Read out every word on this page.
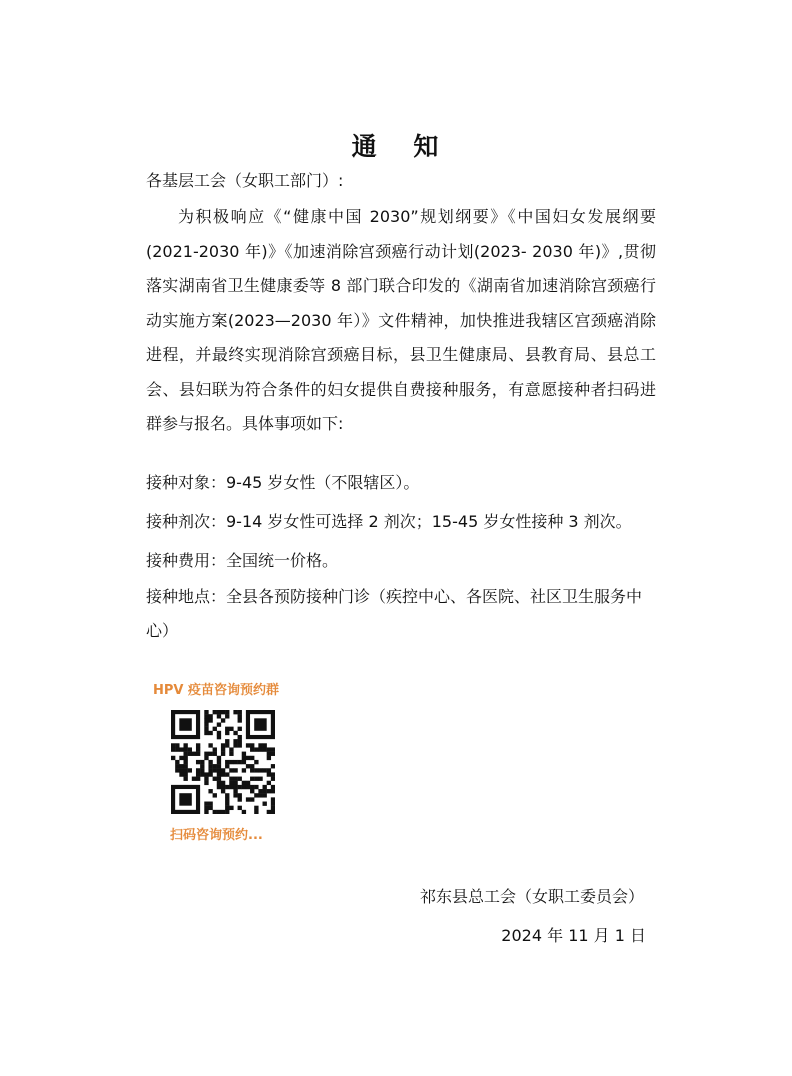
通 知
各基层工会（女职工部门）:

为积极响应《“健康中国 2030”规划纲要》《中国妇女发展纲要(2021-2030 年)》《加速消除宫颈癌行动计划(2023- 2030 年)》,贯彻落实湖南省卫生健康委等 8 部门联合印发的《湖南省加速消除宫颈癌行动实施方案(2023—2030 年）》文件精神，加快推进我辖区宫颈癌消除进程，并最终实现消除宫颈癌目标，县卫生健康局、县教育局、县总工会、县妇联为符合条件的妇女提供自费接种服务，有意愿接种者扫码进群参与报名。具体事项如下:

接种对象：9-45 岁女性（不限辖区）。

接种剂次：9-14 岁女性可选择 2 剂次；15-45 岁女性接种 3 剂次。

接种费用：全国统一价格。

接种地点：全县各预防接种门诊（疾控中心、各医院、社区卫生服务中心）

HPV 疫苗咨询预约群
扫码咨询预约...
祁东县总工会（女职工委员会）
2024 年 11 月 1 日
